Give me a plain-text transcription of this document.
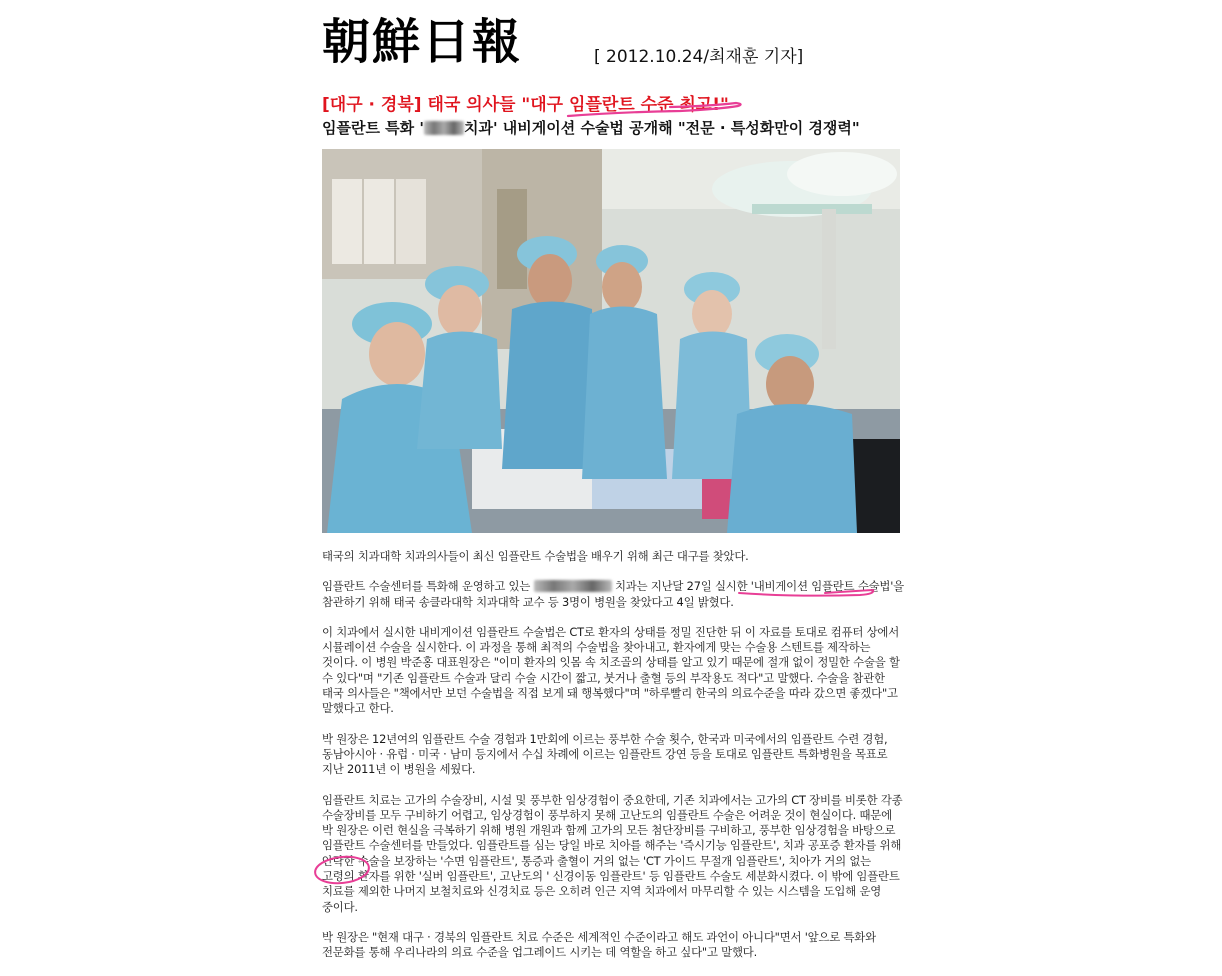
朝鮮日報	[ 2012.10.24/최재훈 기자]
[대구 · 경북] 태국 의사들 "대구 임플란트 수준 최고!"
임플란트 특화 '	치과' 내비게이션 수술법 공개해 "전문 · 특성화만이 경쟁력"

태국의 치과대학 치과의사들이 최신 임플란트 수술법을 배우기 위해 최근 대구를 찾았다.

임플란트 수술센터를 특화해 운영하고 있는	치과는 지난달 27일 실시한 '내비게이션 임플란트 수술법'을 참관하기 위해 태국 송클라대학 치과대학 교수 등 3명이 병원을 찾았다고 4일 밝혔다.

이 치과에서 실시한 내비게이션 임플란트 수술법은 CT로 환자의 상태를 정밀 진단한 뒤 이 자료를 토대로 컴퓨터 상에서 시뮬레이션 수술을 실시한다. 이 과정을 통해 최적의 수술법을 찾아내고, 환자에게 맞는 수술용 스텐트를 제작하는 것이다. 이 병원 박준홍 대표원장은 "이미 환자의 잇몸 속 치조골의 상태를 알고 있기 때문에 절개 없이 정밀한 수술을 할 수 있다"며 "기존 임플란트 수술과 달리 수술 시간이 짧고, 붓거나 출혈 등의 부작용도 적다"고 말했다. 수술을 참관한 태국 의사들은 "책에서만 보던 수술법을 직접 보게 돼 행복했다"며 "하루빨리 한국의 의료수준을 따라 갔으면 좋겠다"고 말했다고 한다.

박 원장은 12년여의 임플란트 수술 경험과 1만회에 이르는 풍부한 수술 횟수, 한국과 미국에서의 임플란트 수련 경험, 동남아시아 · 유럽 · 미국 · 남미 등지에서 수십 차례에 이르는 임플란트 강연 등을 토대로 임플란트 특화병원을 목표로 지난 2011년 이 병원을 세웠다.

임플란트 치료는 고가의 수술장비, 시설 및 풍부한 임상경험이 중요한데, 기존 치과에서는 고가의 CT 장비를 비롯한 각종 수술장비를 모두 구비하기 어렵고, 임상경험이 풍부하지 못해 고난도의 임플란트 수술은 어려운 것이 현실이다. 때문에 박 원장은 이런 현실을 극복하기 위해 병원 개원과 함께 고가의 모든 첨단장비를 구비하고, 풍부한 임상경험을 바탕으로 임플란트 수술센터를 만들었다. 임플란트를 심는 당일 바로 치아를 해주는 '즉시기능 임플란트', 치과 공포증 환자를 위해 안락한 수술을 보장하는 '수면 임플란트', 통증과 출혈이 거의 없는 'CT 가이드 무절개 임플란트', 치아가 거의 없는 고령의 환자를 위한 '실버 임플란트', 고난도의 ' 신경이동 임플란트' 등 임플란트 수술도 세분화시켰다. 이 밖에 임플란트 치료를 제외한 나머지 보철치료와 신경치료 등은 오히려 인근 지역 치과에서 마무리할 수 있는 시스템을 도입해 운영 중이다.

박 원장은 "현재 대구 · 경북의 임플란트 치료 수준은 세계적인 수준이라고 해도 과언이 아니다"면서 '앞으로 특화와 전문화를 통해 우리나라의 의료 수준을 업그레이드 시키는 데 역할을 하고 싶다"고 말했다.
